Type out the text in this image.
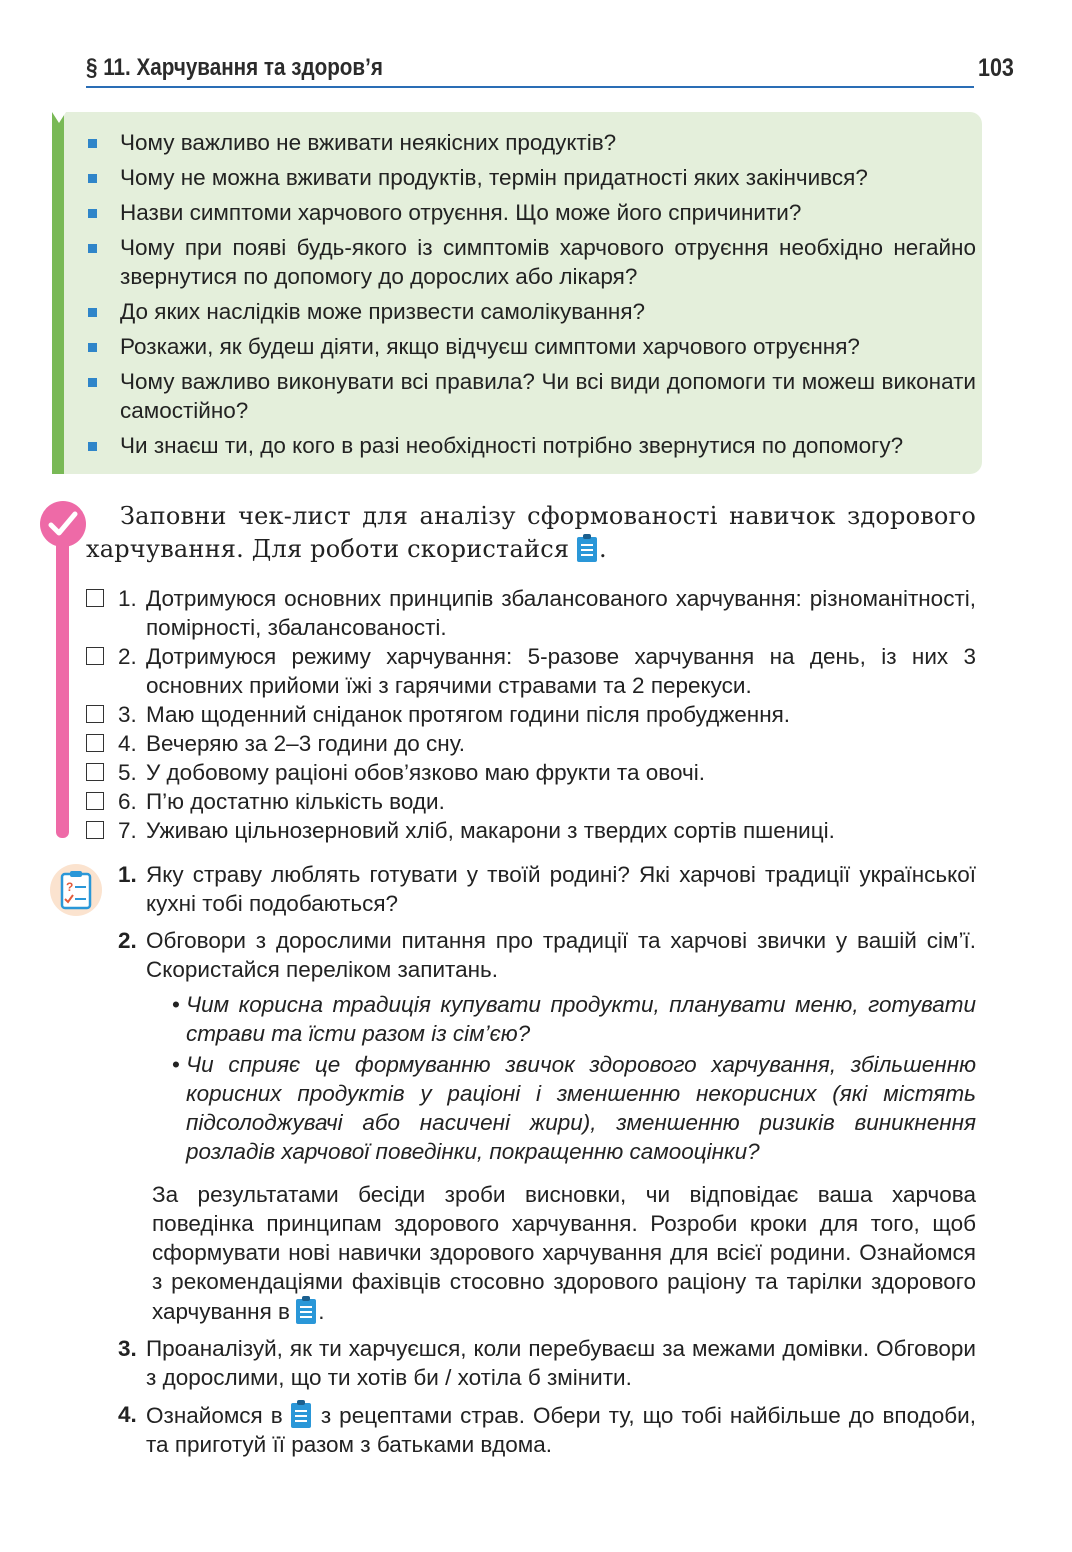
§ 11. Харчування та здоров’я	103
Чому важливо не вживати неякісних продуктів?
Чому не можна вживати продуктів, термін придатності яких закінчився?
Назви симптоми харчового отруєння. Що може його спричинити?
Чому при появі будь-якого із симптомів харчового отруєння необхідно негайно звернутися по допомогу до дорослих або лікаря?
До яких наслідків може призвести самолікування?
Розкажи, як будеш діяти, якщо відчуєш симптоми харчового отруєння?
Чому важливо виконувати всі правила? Чи всі види допомоги ти можеш виконати самостійно?
Чи знаєш ти, до кого в разі необхідності потрібно звернутися по допомогу?
Заповни чек-лист для аналізу сформованості навичок здорового харчування. Для роботи скористайся .
1. Дотримуюся основних принципів збалансованого харчування: різноманітності, помірності, збалансованості.
2. Дотримуюся режиму харчування: 5-разове харчування на день, із них 3 основних прийоми їжі з гарячими стравами та 2 перекуси.
3. Маю щоденний сніданок протягом години після пробудження.
4. Вечеряю за 2–3 години до сну.
5. У добовому раціоні обов’язково маю фрукти та овочі.
6. П’ю достатню кількість води.
7. Уживаю цільнозерновий хліб, макарони з твердих сортів пшениці.
? 1. Яку страву люблять готувати у твоїй родині? Які харчові традиції української кухні тобі подобаються?
2. Обговори з дорослими питання про традиції та харчові звички у вашій сім’ї. Скористайся переліком запитань.
• Чим корисна традиція купувати продукти, планувати меню, готувати страви та їсти разом із сім’єю?
• Чи сприяє це формуванню звичок здорового харчування, збільшенню корисних продуктів у раціоні і зменшенню некорисних (які містять підсолоджувачі або насичені жири), зменшенню ризиків виникнення розладів харчової поведінки, покращенню самооцінки?
За результатами бесіди зроби висновки, чи відповідає ваша харчова поведінка принципам здорового харчування. Розроби кроки для того, щоб сформувати нові навички здорового харчування для всієї родини. Ознайомся з рекомендаціями фахівців стосовно здорового раціону та тарілки здорового харчування в .
3. Проаналізуй, як ти харчуєшся, коли перебуваєш за межами домівки. Обговори з дорослими, що ти хотів би / хотіла б змінити.
4. Ознайомся в з рецептами страв. Обери ту, що тобі найбільше до вподоби, та приготуй її разом з батьками вдома.
